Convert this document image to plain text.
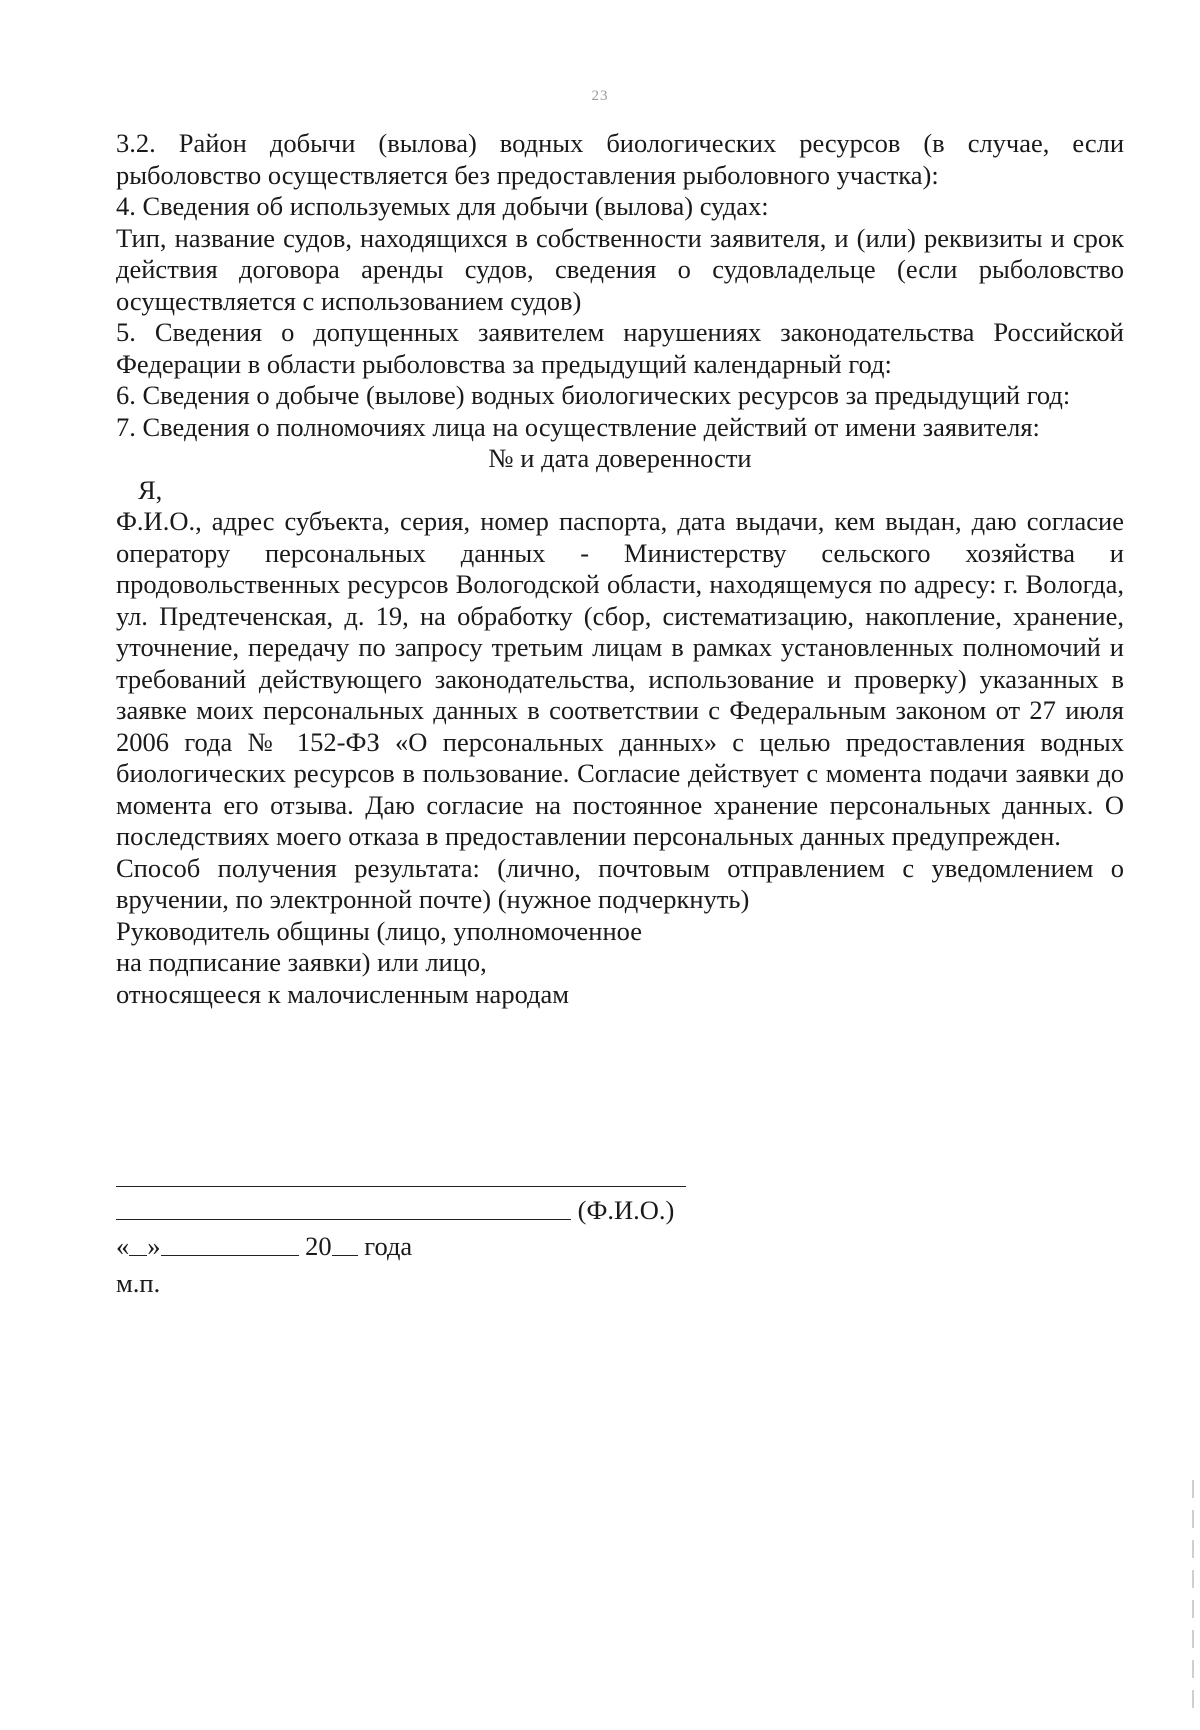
23

3.2. Район добычи (вылова) водных биологических ресурсов (в случае, если рыболовство осуществляется без предоставления рыболовного участка):

4. Сведения об используемых для добычи (вылова) судах:

Тип, название судов, находящихся в собственности заявителя, и (или) реквизиты и срок действия договора аренды судов, сведения о судовладельце (если рыболовство осуществляется с использованием судов)

5. Сведения о допущенных заявителем нарушениях законодательства Российской Федерации в области рыболовства за предыдущий календарный год:

6. Сведения о добыче (вылове) водных биологических ресурсов за предыдущий год:

7. Сведения о полномочиях лица на осуществление действий от имени заявителя:

№ и дата доверенности

Я,

Ф.И.О., адрес субъекта, серия, номер паспорта, дата выдачи, кем выдан, даю согласие оператору персональных данных - Министерству сельского хозяйства и продовольственных ресурсов Вологодской области, находящемуся по адресу: г. Вологда, ул. Предтеченская, д. 19, на обработку (сбор, систематизацию, накопление, хранение, уточнение, передачу по запросу третьим лицам в рамках установленных полномочий и требований действующего законодательства, использование и проверку) указанных в заявке моих персональных данных в соответствии с Федеральным законом от 27 июля 2006 года № 152-ФЗ «О персональных данных» с целью предоставления водных биологических ресурсов в пользование. Согласие действует с момента подачи заявки до момента его отзыва. Даю согласие на постоянное хранение персональных данных. О последствиях моего отказа в предоставлении персональных данных предупрежден.

Способ получения результата: (лично, почтовым отправлением с уведомлением о вручении, по электронной почте) (нужное подчеркнуть)

Руководитель общины (лицо, уполномоченное

на подписание заявки) или лицо,

относящееся к малочисленным народам

(Ф.И.О.)
« »	20 года
м.п.
